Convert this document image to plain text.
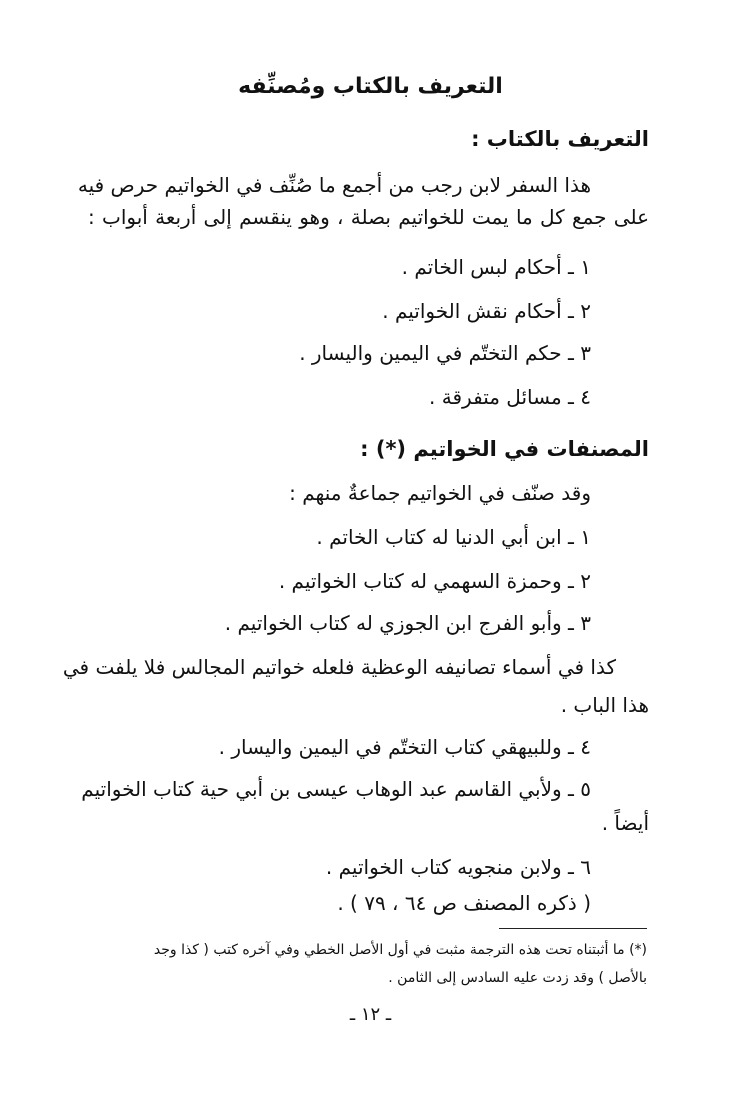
التعريف بالكتاب ومُصنِّفه
التعريف بالكتاب :
هذا السفر لابن رجب من أجمع ما صُنِّف في الخواتيم حرص فيه
على جمع كل ما يمت للخواتيم بصلة ، وهو ينقسم إلى أربعة أبواب :
١ ـ أحكام لبس الخاتم .
٢ ـ أحكام نقش الخواتيم .
٣ ـ حكم التختّم في اليمين واليسار .
٤ ـ مسائل متفرقة .
المصنفات في الخواتيم (*) :
وقد صنّف في الخواتيم جماعةٌ منهم :
١ ـ ابن أبي الدنيا له كتاب الخاتم .
٢ ـ وحمزة السهمي له كتاب الخواتيم .
٣ ـ وأبو الفرج ابن الجوزي له كتاب الخواتيم .
كذا في أسماء تصانيفه الوعظية فلعله خواتيم المجالس فلا يلفت في
هذا الباب .
٤ ـ وللبيهقي كتاب التختّم في اليمين واليسار .
٥ ـ ولأبي القاسم عبد الوهاب عيسى بن أبي حية كتاب الخواتيم
أيضاً .
٦ ـ ولابن منجويه كتاب الخواتيم .
( ذكره المصنف ص ٦٤ ، ٧٩ ) .
(*) ما أثبتناه تحت هذه الترجمة مثبت في أول الأصل الخطي وفي آخره كتب ( كذا وجد
بالأصل ) وقد زدت عليه السادس إلى الثامن .
ـ ١٢ ـ
